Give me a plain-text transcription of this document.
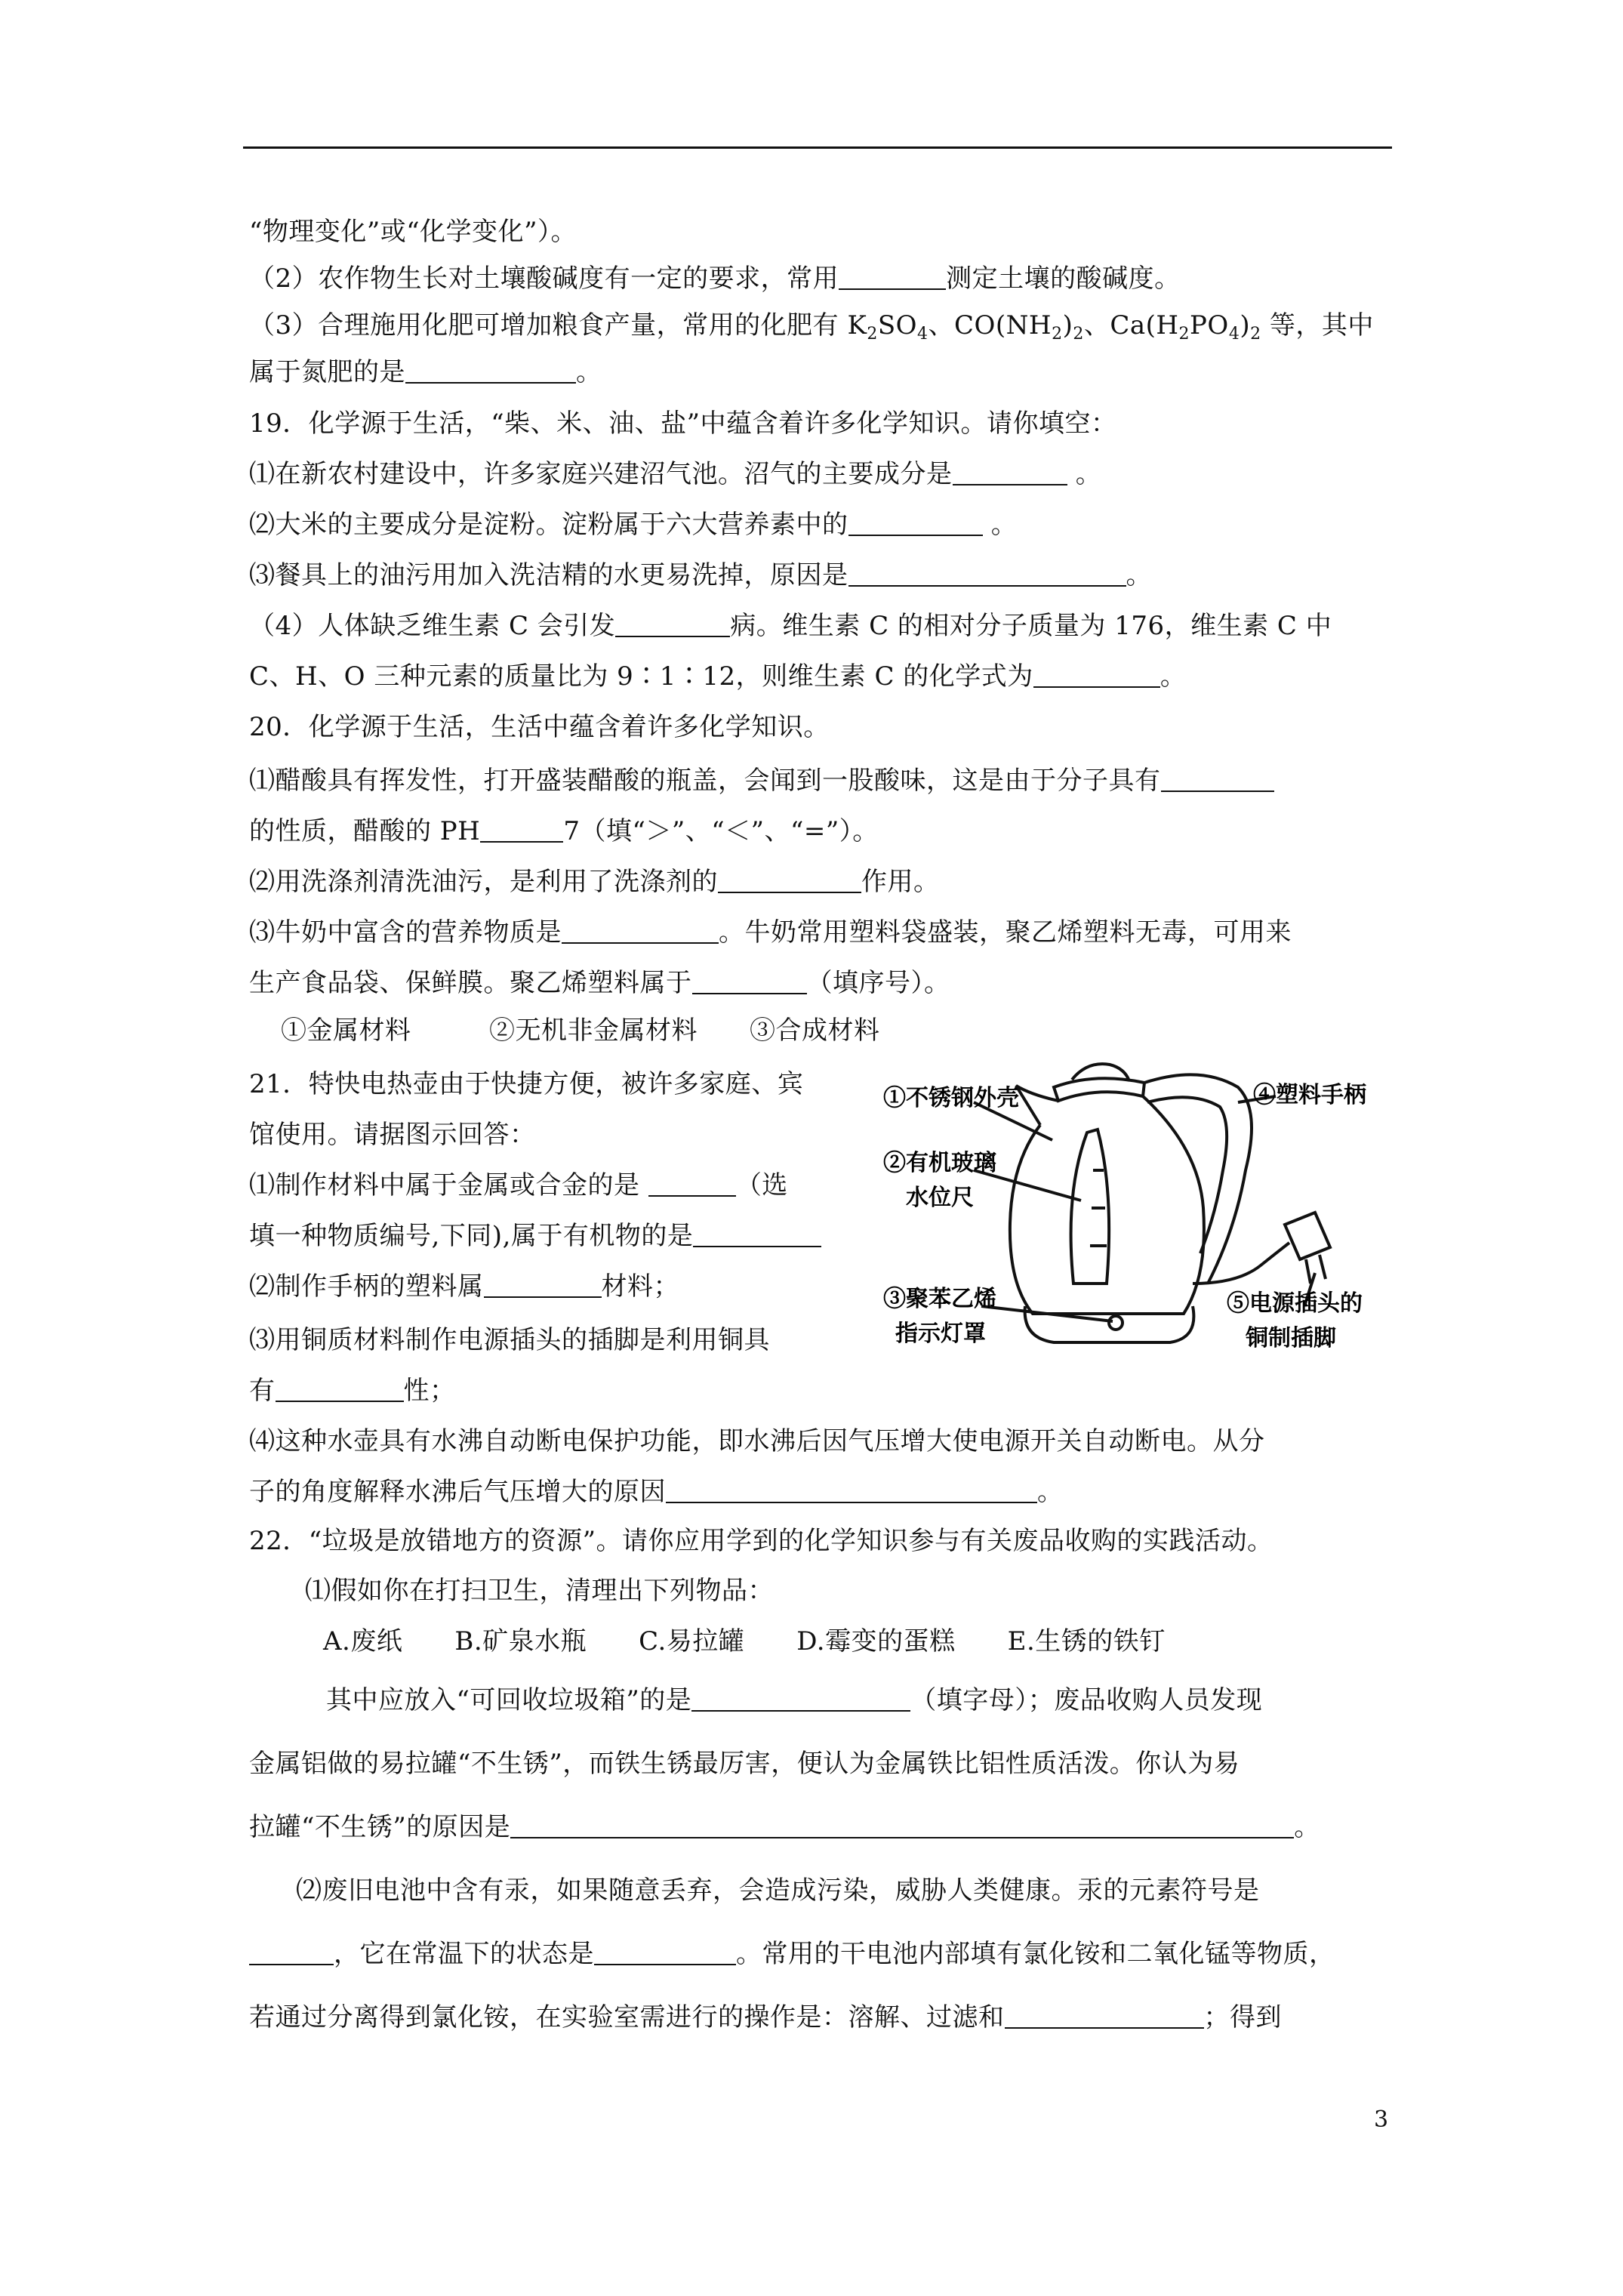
“物理变化”或“化学变化”）。
（2）农作物生长对土壤酸碱度有一定的要求，常用	测定土壤的酸碱度。
（3）合理施用化肥可增加粮食产量，常用的化肥有 $K_2SO_4$、$CO(NH_2)_2$、$Ca(H_2PO_4)_2$ 等，其中
属于氮肥的是	。
19．化学源于生活，“柴、米、油、盐”中蕴含着许多化学知识。请你填空：
⑴在新农村建设中，许多家庭兴建沼气池。沼气的主要成分是	。
⑵大米的主要成分是淀粉。淀粉属于六大营养素中的	。
⑶餐具上的油污用加入洗洁精的水更易洗掉，原因是	。
（4）人体缺乏维生素 C 会引发	病。维生素 C 的相对分子质量为 176，维生素 C 中
C、H、O 三种元素的质量比为 9∶1∶12，则维生素 C 的化学式为	。
20．化学源于生活，生活中蕴含着许多化学知识。
⑴醋酸具有挥发性，打开盛装醋酸的瓶盖，会闻到一股酸味，这是由于分子具有
的性质，醋酸的 PH	7（填“＞”、“＜”、“=”）。
⑵用洗涤剂清洗油污，是利用了洗涤剂的	作用。
⑶牛奶中富含的营养物质是	。牛奶常用塑料袋盛装，聚乙烯塑料无毒，可用来
生产食品袋、保鲜膜。聚乙烯塑料属于	（填序号）。
①金属材料　　　②无机非金属材料　　③合成材料
21．特快电热壶由于快捷方便，被许多家庭、宾
馆使用。请据图示回答：
⑴制作材料中属于金属或合金的是	（选
填一种物质编号,下同),属于有机物的是
⑵制作手柄的塑料属	材料；
⑶用铜质材料制作电源插头的插脚是利用铜具
有	性；
⑷这种水壶具有水沸自动断电保护功能，即水沸后因气压增大使电源开关自动断电。从分
子的角度解释水沸后气压增大的原因	。
①不锈钢外壳
②有机玻璃
水位尺
③聚苯乙烯
指示灯罩
④塑料手柄
⑤电源插头的
铜制插脚
22．“垃圾是放错地方的资源”。请你应用学到的化学知识参与有关废品收购的实践活动。
⑴假如你在打扫卫生，清理出下列物品：
A.废纸　　B.矿泉水瓶　　C.易拉罐　　D.霉变的蛋糕　　E.生锈的铁钉
其中应放入“可回收垃圾箱”的是	（填字母）；废品收购人员发现
金属铝做的易拉罐“不生锈”，而铁生锈最厉害，便认为金属铁比铝性质活泼。你认为易
拉罐“不生锈”的原因是	。
⑵废旧电池中含有汞，如果随意丢弃，会造成污染，威胁人类健康。汞的元素符号是
，它在常温下的状态是	。常用的干电池内部填有氯化铵和二氧化锰等物质，
若通过分离得到氯化铵，在实验室需进行的操作是：溶解、过滤和	；得到
3
